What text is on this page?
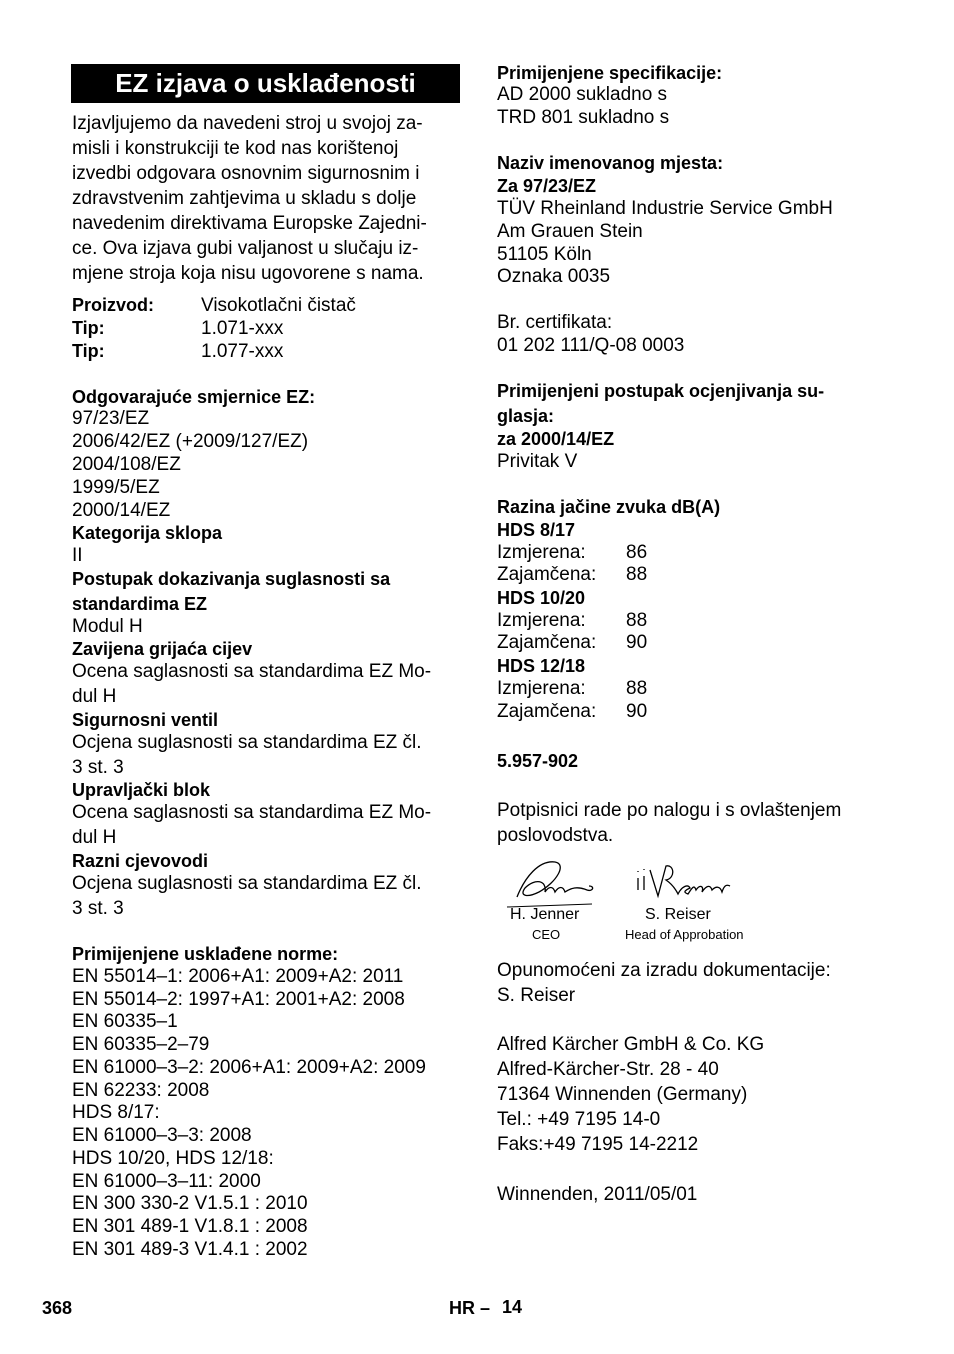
EZ izjava o usklađenosti
Izjavljujemo da navedeni stroj u svojoj za-
misli i konstrukciji te kod nas korištenoj
izvedbi odgovara osnovnim sigurnosnim i
zdravstvenim zahtjevima u skladu s dolje
navedenim direktivama Europske Zajedni-
ce. Ova izjava gubi valjanost u slučaju iz-
mjene stroja koja nisu ugovorene s nama.
Proizvod: Visokotlačni čistač
Tip:	1.071-xxx
Tip:	1.077-xxx
Odgovarajuće smjernice EZ:
97/23/EZ
2006/42/EZ (+2009/127/EZ)
2004/108/EZ
1999/5/EZ
2000/14/EZ
Kategorija sklopa
II
Postupak dokazivanja suglasnosti sa
standardima EZ
Modul H
Zavijena grijaća cijev
Ocena saglasnosti sa standardima EZ Mo-
dul H
Sigurnosni ventil
Ocjena suglasnosti sa standardima EZ čl.
3 st. 3
Upravljački blok
Ocena saglasnosti sa standardima EZ Mo-
dul H
Razni cjevovodi
Ocjena suglasnosti sa standardima EZ čl.
3 st. 3
Primijenjene usklađene norme:
EN 55014–1: 2006+A1: 2009+A2: 2011
EN 55014–2: 1997+A1: 2001+A2: 2008
EN 60335–1
EN 60335–2–79
EN 61000–3–2: 2006+A1: 2009+A2: 2009
EN 62233: 2008
HDS 8/17:
EN 61000–3–3: 2008
HDS 10/20, HDS 12/18:
EN 61000–3–11: 2000
EN 300 330-2 V1.5.1 : 2010
EN 301 489-1 V1.8.1 : 2008
EN 301 489-3 V1.4.1 : 2002
Primijenjene specifikacije:
AD 2000 sukladno s
TRD 801 sukladno s
Naziv imenovanog mjesta:
Za 97/23/EZ
TÜV Rheinland Industrie Service GmbH
Am Grauen Stein
51105 Köln
Oznaka 0035
Br. certifikata:
01 202 111/Q-08 0003
Primijenjeni postupak ocjenjivanja su-
glasja:
za 2000/14/EZ
Privitak V
Razina jačine zvuka dB(A)
HDS 8/17
Izmjerena: 86
Zajamčena: 88
HDS 10/20
Izmjerena: 88
Zajamčena: 90
HDS 12/18
Izmjerena: 88
Zajamčena: 90
5.957-902
Potpisnici rade po nalogu i s ovlaštenjem
poslovodstva.
H. Jenner
CEO
S. Reiser
Head of Approbation
Opunomoćeni za izradu dokumentacije:
S. Reiser
Alfred Kärcher GmbH & Co. KG
Alfred-Kärcher-Str. 28 - 40
71364 Winnenden (Germany)
Tel.: +49 7195 14-0
Faks:+49 7195 14-2212
Winnenden, 2011/05/01
368	HR – 14
